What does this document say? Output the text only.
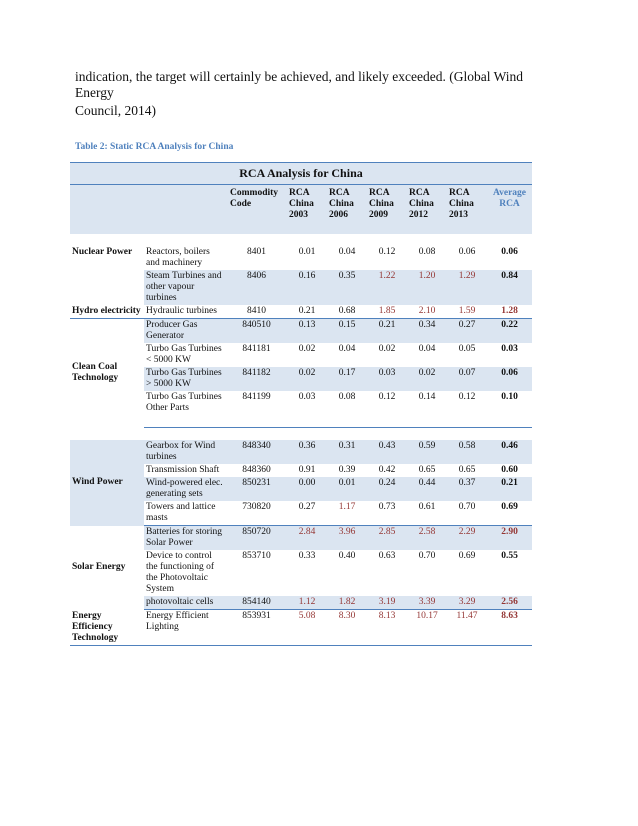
indication, the target will certainly be achieved, and likely exceeded. (Global Wind Energy

Council, 2014)

Table 2: Static RCA Analysis for China

RCA Analysis for China								
		Commodity Code	RCA China 2003	RCA China 2006	RCA China 2009	RCA China 2012	RCA China 2013	Average RCA

Nuclear Power	Reactors, boilers and machinery	8401	0.01	0.04	0.12	0.08	0.06	0.06
	Steam Turbines and other vapour turbines	8406	0.16	0.35	1.22	1.20	1.29	0.84
Hydro electricity	Hydraulic turbines	8410	0.21	0.68	1.85	2.10	1.59	1.28
Clean Coal Technology	Producer Gas Generator	840510	0.13	0.15	0.21	0.34	0.27	0.22
	Turbo Gas Turbines < 5000 KW	841181	0.02	0.04	0.02	0.04	0.05	0.03
	Turbo Gas Turbines > 5000 KW	841182	0.02	0.17	0.03	0.02	0.07	0.06
	Turbo Gas Turbines Other Parts	841199	0.03	0.08	0.12	0.14	0.12	0.10

Wind Power	Gearbox for Wind turbines	848340	0.36	0.31	0.43	0.59	0.58	0.46
	Transmission Shaft	848360	0.91	0.39	0.42	0.65	0.65	0.60
	Wind-powered elec. generating sets	850231	0.00	0.01	0.24	0.44	0.37	0.21
	Towers and lattice masts	730820	0.27	1.17	0.73	0.61	0.70	0.69
Solar Energy	Batteries for storing Solar Power	850720	2.84	3.96	2.85	2.58	2.29	2.90
	Device to control the functioning of the Photovoltaic System	853710	0.33	0.40	0.63	0.70	0.69	0.55
	photovoltaic cells	854140	1.12	1.82	3.19	3.39	3.29	2.56
Energy Efficiency Technology	Energy Efficient Lighting	853931	5.08	8.30	8.13	10.17	11.47	8.63
